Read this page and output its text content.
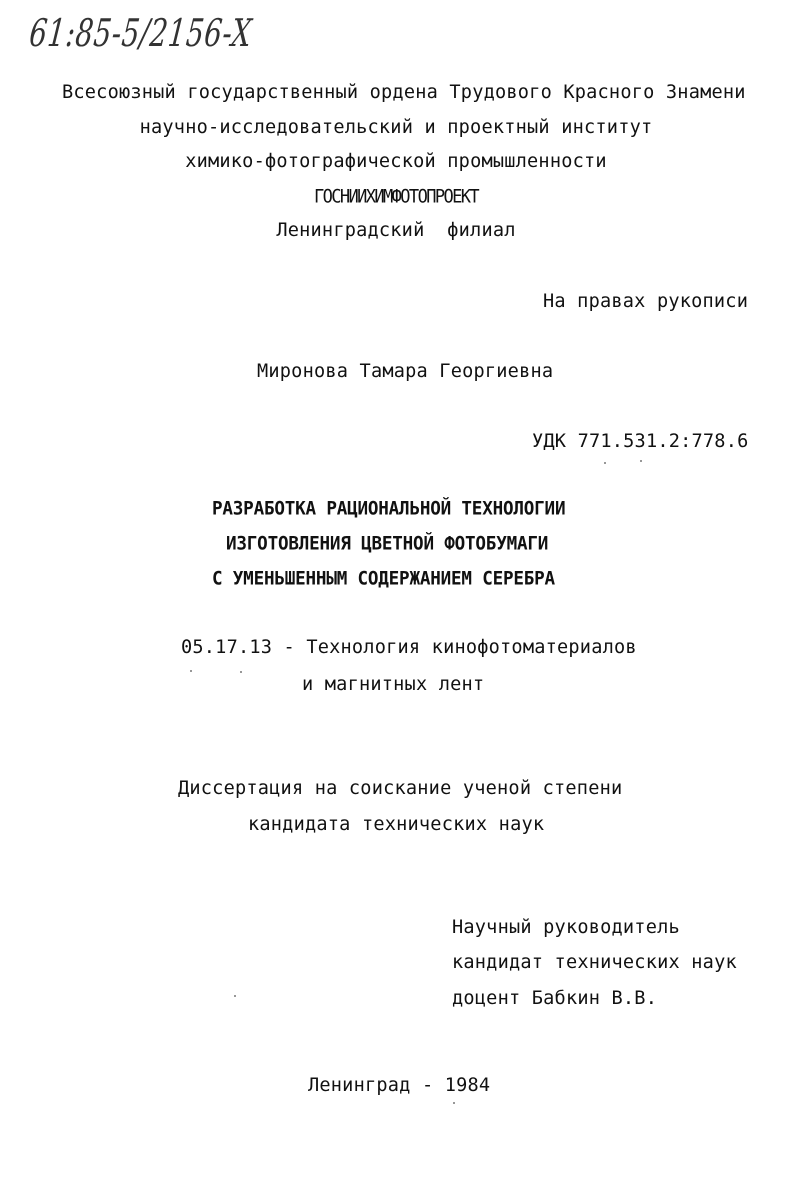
61:85-5/2156-X
Всесоюзный государственный ордена Трудового Красного Знамени
научно-исследовательский и проектный институт
химико-фотографической промышленности
ГОСНИИХИМФОТОПРОЕКТ
Ленинградский  филиал
На правах рукописи
Миронова Тамара Георгиевна
УДК 771.531.2:778.6
РАЗРАБОТКА РАЦИОНАЛЬНОЙ ТЕХНОЛОГИИ
ИЗГОТОВЛЕНИЯ ЦВЕТНОЙ ФОТОБУМАГИ
С УМЕНЬШЕННЫМ СОДЕРЖАНИЕМ СЕРЕБРА
05.17.13 - Технология кинофотоматериалов
и магнитных лент
Диссертация на соискание ученой степени
кандидата технических наук
Научный руководитель
кандидат технических наук
доцент Бабкин В.В.
Ленинград - 1984
